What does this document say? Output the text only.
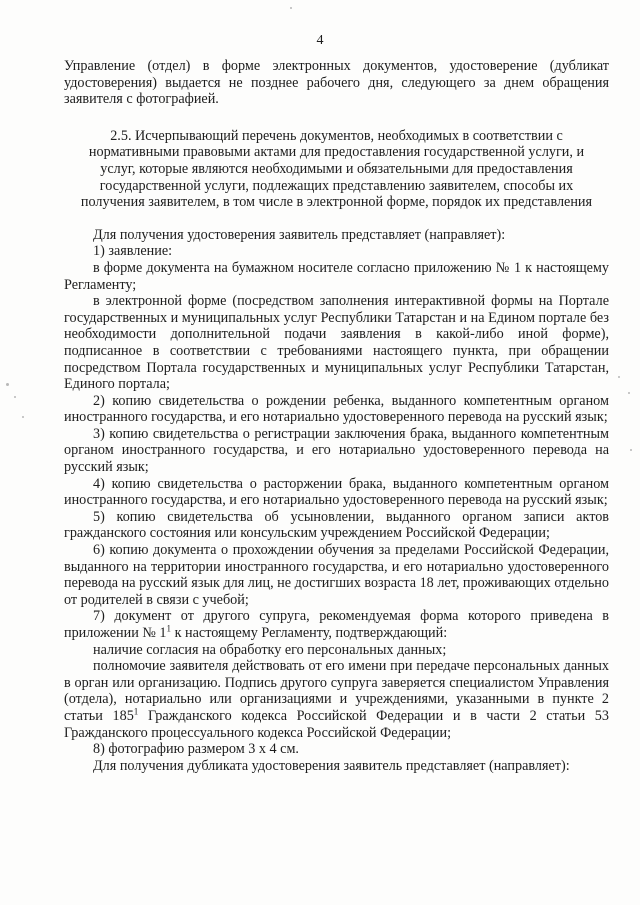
4

Управление (отдел) в форме электронных документов, удостоверение (дубликат удостоверения) выдается не позднее рабочего дня, следующего за днем обращения заявителя с фотографией.

2.5. Исчерпывающий перечень документов, необходимых в соответствии с
нормативными правовыми актами для предоставления государственной услуги, и
услуг, которые являются необходимыми и обязательными для предоставления
государственной услуги, подлежащих представлению заявителем, способы их
получения заявителем, в том числе в электронной форме, порядок их представления

Для получения удостоверения заявитель представляет (направляет):

1) заявление:

в форме документа на бумажном носителе согласно приложению № 1 к настоящему Регламенту;

в электронной форме (посредством заполнения интерактивной формы на Портале государственных и муниципальных услуг Республики Татарстан и на Едином портале без необходимости дополнительной подачи заявления в какой-либо иной форме), подписанное в соответствии с требованиями настоящего пункта, при обращении посредством Портала государственных и муниципальных услуг Республики Татарстан, Единого портала;

2) копию свидетельства о рождении ребенка, выданного компетентным органом иностранного государства, и его нотариально удостоверенного перевода на русский язык;

3) копию свидетельства о регистрации заключения брака, выданного компетентным органом иностранного государства, и его нотариально удостоверенного перевода на русский язык;

4) копию свидетельства о расторжении брака, выданного компетентным органом иностранного государства, и его нотариально удостоверенного перевода на русский язык;

5) копию свидетельства об усыновлении, выданного органом записи актов гражданского состояния или консульским учреждением Российской Федерации;

6) копию документа о прохождении обучения за пределами Российской Федерации, выданного на территории иностранного государства, и его нотариально удостоверенного перевода на русский язык для лиц, не достигших возраста 18 лет, проживающих отдельно от родителей в связи с учебой;

7) документ от другого супруга, рекомендуемая форма которого приведена в приложении № $1^1$ к настоящему Регламенту, подтверждающий:

наличие согласия на обработку его персональных данных;

полномочие заявителя действовать от его имени при передаче персональных данных в орган или организацию. Подпись другого супруга заверяется специалистом Управления (отдела), нотариально или организациями и учреждениями, указанными в пункте 2 статьи $185^1$ Гражданского кодекса Российской Федерации и в части 2 статьи 53 Гражданского процессуального кодекса Российской Федерации;

8) фотографию размером 3 х 4 см.

Для получения дубликата удостоверения заявитель представляет (направляет):
